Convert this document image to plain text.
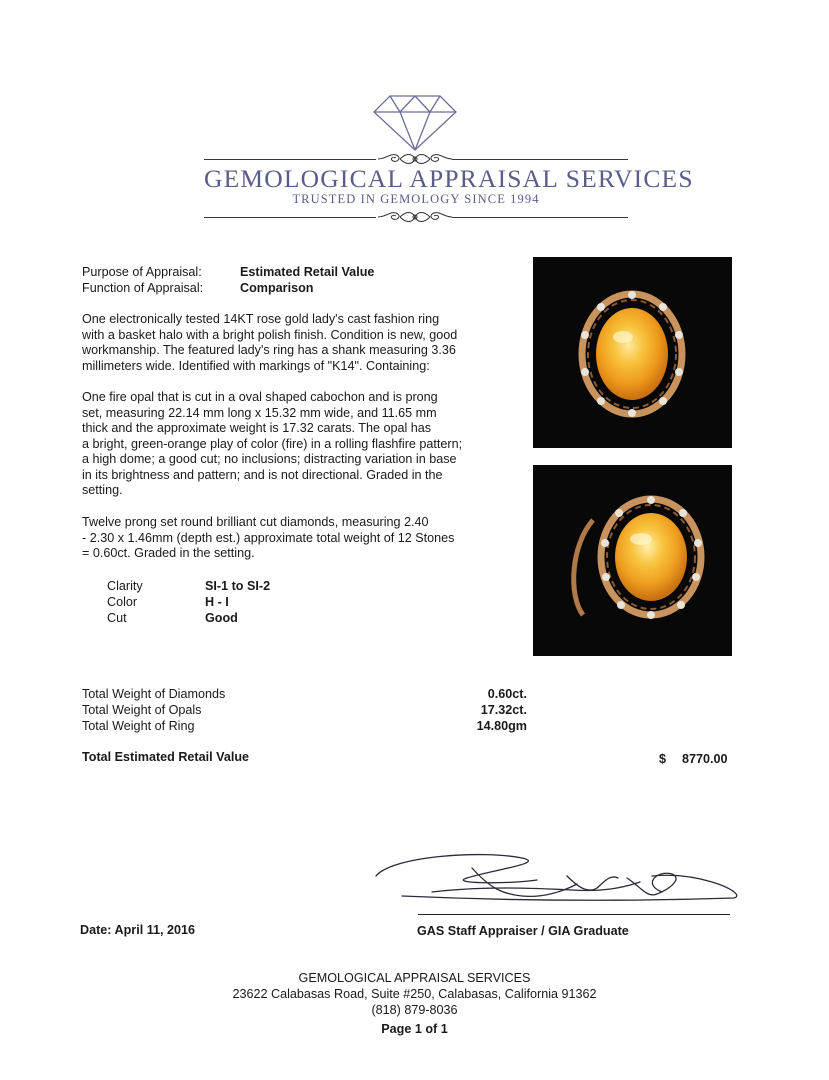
GEMOLOGICAL APPRAISAL SERVICES
TRUSTED IN GEMOLOGY SINCE 1994
Purpose of Appraisal:	Estimated Retail Value
Function of Appraisal:	Comparison
One electronically tested 14KT rose gold lady's cast fashion ring
with a basket halo with a bright polish finish. Condition is new, good
workmanship. The featured lady's ring has a shank measuring 3.36
millimeters wide. Identified with markings of "K14". Containing:
One fire opal that is cut in a oval shaped cabochon and is prong
set, measuring 22.14 mm long x 15.32 mm wide, and 11.65 mm
thick and the approximate weight is 17.32 carats. The opal has
a bright, green-orange play of color (fire) in a rolling flashfire pattern;
a high dome; a good cut; no inclusions; distracting variation in base
in its brightness and pattern; and is not directional. Graded in the
setting.
Twelve prong set round brilliant cut diamonds, measuring 2.40
- 2.30 x 1.46mm (depth est.) approximate total weight of 12 Stones
= 0.60ct. Graded in the setting.
Clarity	SI-1 to SI-2
Color	H - I
Cut	Good
Total Weight of Diamonds	0.60ct.
Total Weight of Opals	17.32ct.
Total Weight of Ring	14.80gm
Total Estimated Retail Value	$ 8770.00
Date: April 11, 2016	GAS Staff Appraiser / GIA Graduate
GEMOLOGICAL APPRAISAL SERVICES
23622 Calabasas Road, Suite #250, Calabasas, California 91362
(818) 879-8036
Page 1 of 1
